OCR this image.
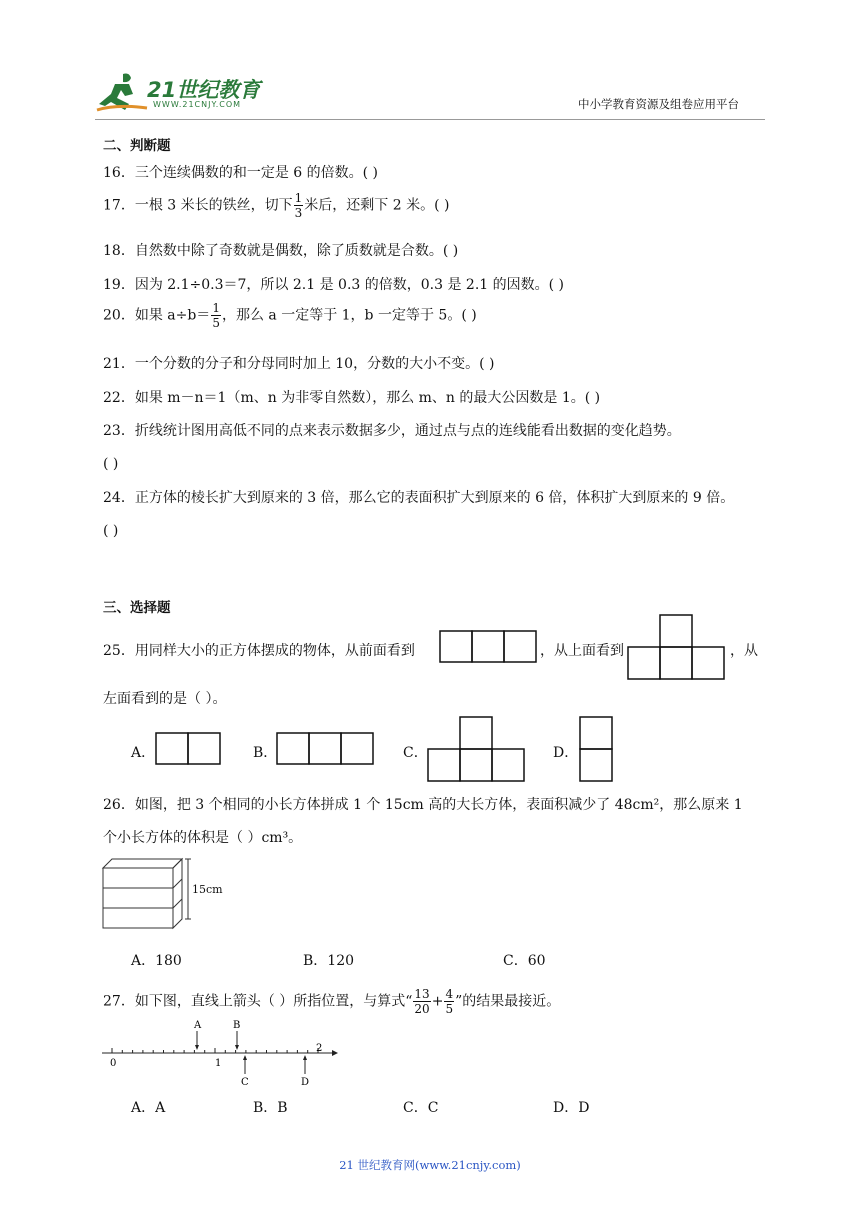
21世纪教育
WWW.21CNJY.COM	中小学教育资源及组卷应用平台
二、判断题
16．三个连续偶数的和一定是 6 的倍数。( )
17．一根 3 米长的铁丝，切下 $\frac{1}{3}$ 米后，还剩下 2 米。( )
18．自然数中除了奇数就是偶数，除了质数就是合数。( )
19．因为 2.1÷0.3＝7，所以 2.1 是 0.3 的倍数，0.3 是 2.1 的因数。( )
20．如果 $a\div b= \frac{1}{5}$ ，那么 a 一定等于 1，b 一定等于 5。( )
21．一个分数的分子和分母同时加上 10，分数的大小不变。( )
22．如果 m－n＝1（m、n 为非零自然数），那么 m、n 的最大公因数是 1。( )
23．折线统计图用高低不同的点来表示数据多少，通过点与点的连线能看出数据的变化趋势。
( )
24．正方体的棱长扩大到原来的 3 倍，那么它的表面积扩大到原来的 6 倍，体积扩大到原来的 9 倍。
( )
三、选择题
25．用同样大小的正方体摆成的物体，从前面看到	，从上面看到	，从
左面看到的是（ ）。
A．	B．	C．	D．
26．如图，把 3 个相同的小长方体拼成 1 个 15cm 高的大长方体，表面积减少了 48cm²，那么原来 1
个小长方体的体积是（ ）cm³。
15cm
A．180	B．120	C．60
27．如下图，直线上箭头（ ）所指位置，与算式“ $\frac{13}{20} + \frac{4}{5}$ ”的结果最接近。
0	1
2
A	B
C	D
A．A	B．B	C．C	D．D
21 世纪教育网(www.21cnjy.com)
